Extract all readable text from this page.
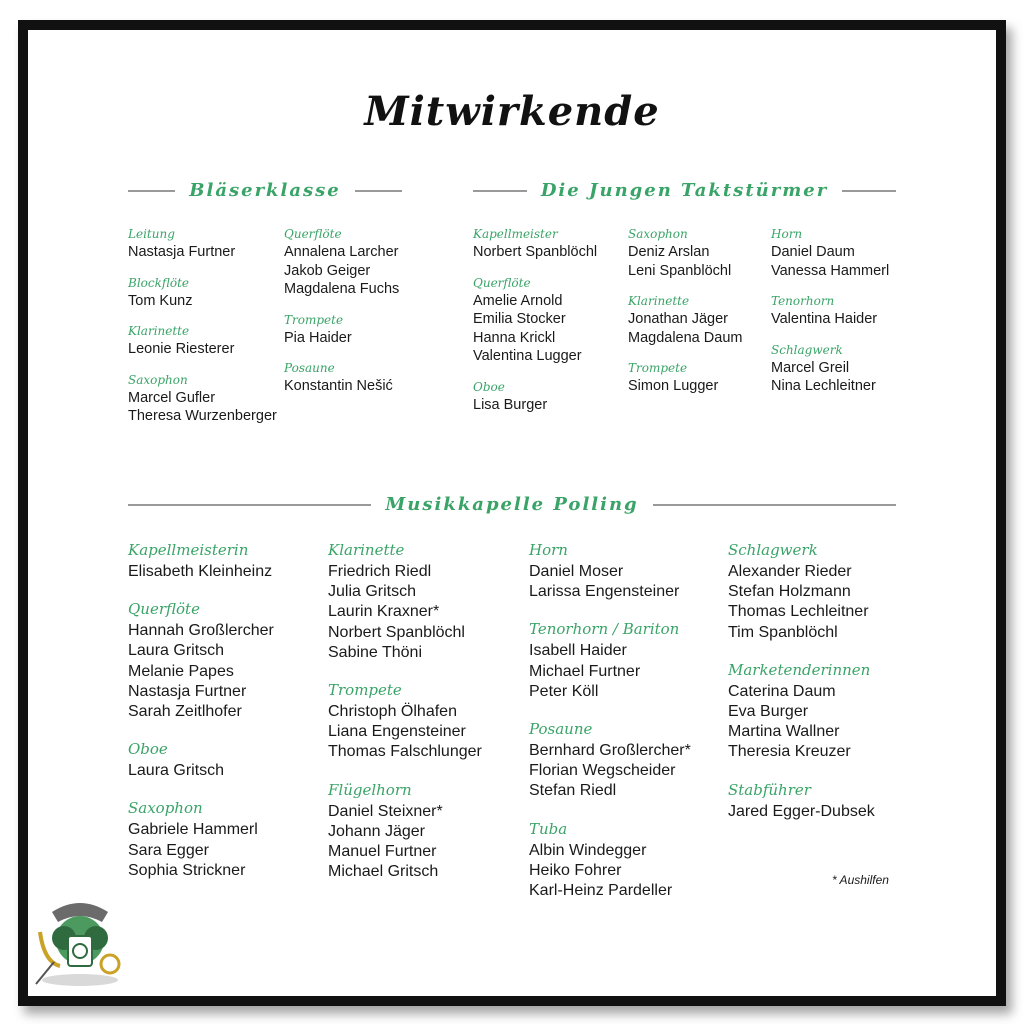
Mitwirkende
Bläserklasse	Die Jungen Taktstürmer
Musikkapelle Polling
Leitung
Nastasja Furtner
Blockflöte
Tom Kunz
Klarinette
Leonie Riesterer
Saxophon
Marcel Gufler
Theresa Wurzenberger
Querflöte
Annalena Larcher
Jakob Geiger
Magdalena Fuchs
Trompete
Pia Haider
Posaune
Konstantin Nešić
Kapellmeister
Norbert Spanblöchl
Querflöte
Amelie Arnold
Emilia Stocker
Hanna Krickl
Valentina Lugger
Oboe
Lisa Burger
Saxophon
Deniz Arslan
Leni Spanblöchl
Klarinette
Jonathan Jäger
Magdalena Daum
Trompete
Simon Lugger
Horn
Daniel Daum
Vanessa Hammerl
Tenorhorn
Valentina Haider
Schlagwerk
Marcel Greil
Nina Lechleitner
Kapellmeisterin
Elisabeth Kleinheinz
Querflöte
Hannah Großlercher
Laura Gritsch
Melanie Papes
Nastasja Furtner
Sarah Zeitlhofer
Oboe
Laura Gritsch
Saxophon
Gabriele Hammerl
Sara Egger
Sophia Strickner
Klarinette
Friedrich Riedl
Julia Gritsch
Laurin Kraxner*
Norbert Spanblöchl
Sabine Thöni
Trompete
Christoph Ölhafen
Liana Engensteiner
Thomas Falschlunger
Flügelhorn
Daniel Steixner*
Johann Jäger
Manuel Furtner
Michael Gritsch
Horn
Daniel Moser
Larissa Engensteiner
Tenorhorn / Bariton
Isabell Haider
Michael Furtner
Peter Köll
Posaune
Bernhard Großlercher*
Florian Wegscheider
Stefan Riedl
Tuba
Albin Windegger
Heiko Fohrer
Karl-Heinz Pardeller
Schlagwerk
Alexander Rieder
Stefan Holzmann
Thomas Lechleitner
Tim Spanblöchl
Marketenderinnen
Caterina Daum
Eva Burger
Martina Wallner
Theresia Kreuzer
Stabführer
Jared Egger-Dubsek
* Aushilfen
